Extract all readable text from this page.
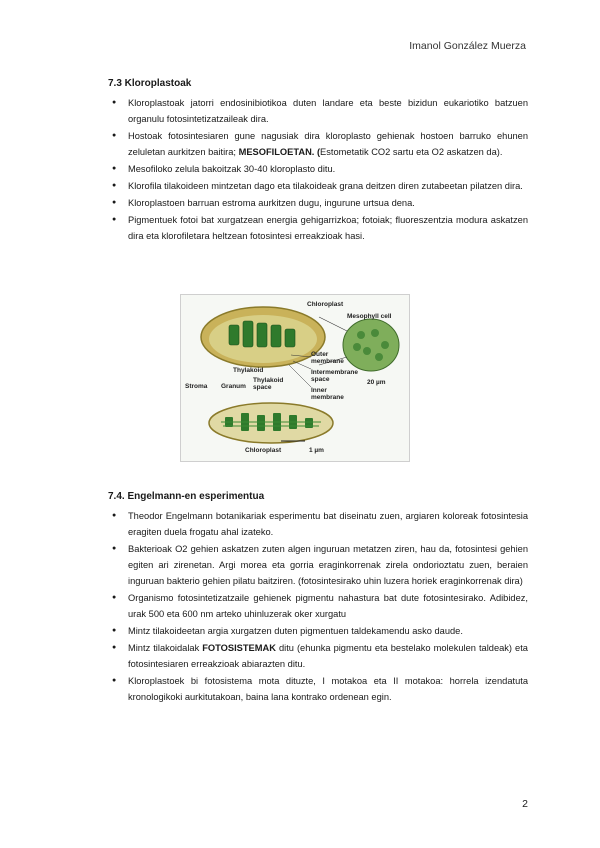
Imanol González Muerza
7.3 Kloroplastoak
● Kloroplastoak jatorri endosinibiotikoa duten landare eta beste bizidun eukariotiko batzuen organulu fotosintetizatzaileak dira.
● Hostoak fotosintesiaren gune nagusiak dira kloroplasto gehienak hostoen barruko ehunen zeluletan aurkitzen baitira; MESOFILOETAN. (Estometatik CO2 sartu eta O2 askatzen da).
● Mesofiloko zelula bakoitzak 30-40 kloroplasto ditu.
● Klorofila tilakoideen mintzetan dago eta tilakoideak grana deitzen diren zutabeetan pilatzen dira.
● Kloroplastoen barruan estroma aurkitzen dugu, ingurune urtsua dena.
● Pigmentuek fotoi bat xurgatzean energia gehigarrizkoa; fotoiak; fluoreszentzia modura askatzen dira eta klorofiletara heltzean fotosintesi erreakzioak hasi.
Chloroplast
Mesophyll cell
Outer membrane
Intermembrane space
Inner membrane
Thylakoid
Stroma Granum
Thylakoid space
20 µm
Chloroplast	1 µm
7.4. Engelmann-en esperimentua
● Theodor Engelmann botanikariak esperimentu bat diseinatu zuen, argiaren koloreak fotosintesia eragiten duela frogatu ahal izateko.
● Bakterioak O2 gehien askatzen zuten algen inguruan metatzen ziren, hau da, fotosintesi gehien egiten ari zirenetan. Argi morea eta gorria eraginkorrenak zirela ondorioztatu zuen, beraien inguruan bakterio gehien pilatu baitziren. (fotosintesirako uhin luzera horiek eraginkorrenak dira)
● Organismo fotosintetizatzaile gehienek pigmentu nahastura bat dute fotosintesirako. Adibidez, urak 500 eta 600 nm arteko uhinluzerak oker xurgatu
● Mintz tilakoideetan argia xurgatzen duten pigmentuen taldekamendu asko daude.
● Mintz tilakoidalak FOTOSISTEMAK ditu (ehunka pigmentu eta bestelako molekulen taldeak) eta fotosintesiaren erreakzioak abiarazten ditu.
● Kloroplastoek bi fotosistema mota dituzte, I motakoa eta II motakoa: horrela izendatuta kronologikoki aurkitutakoan, baina lana kontrako ordenean egin.
2
